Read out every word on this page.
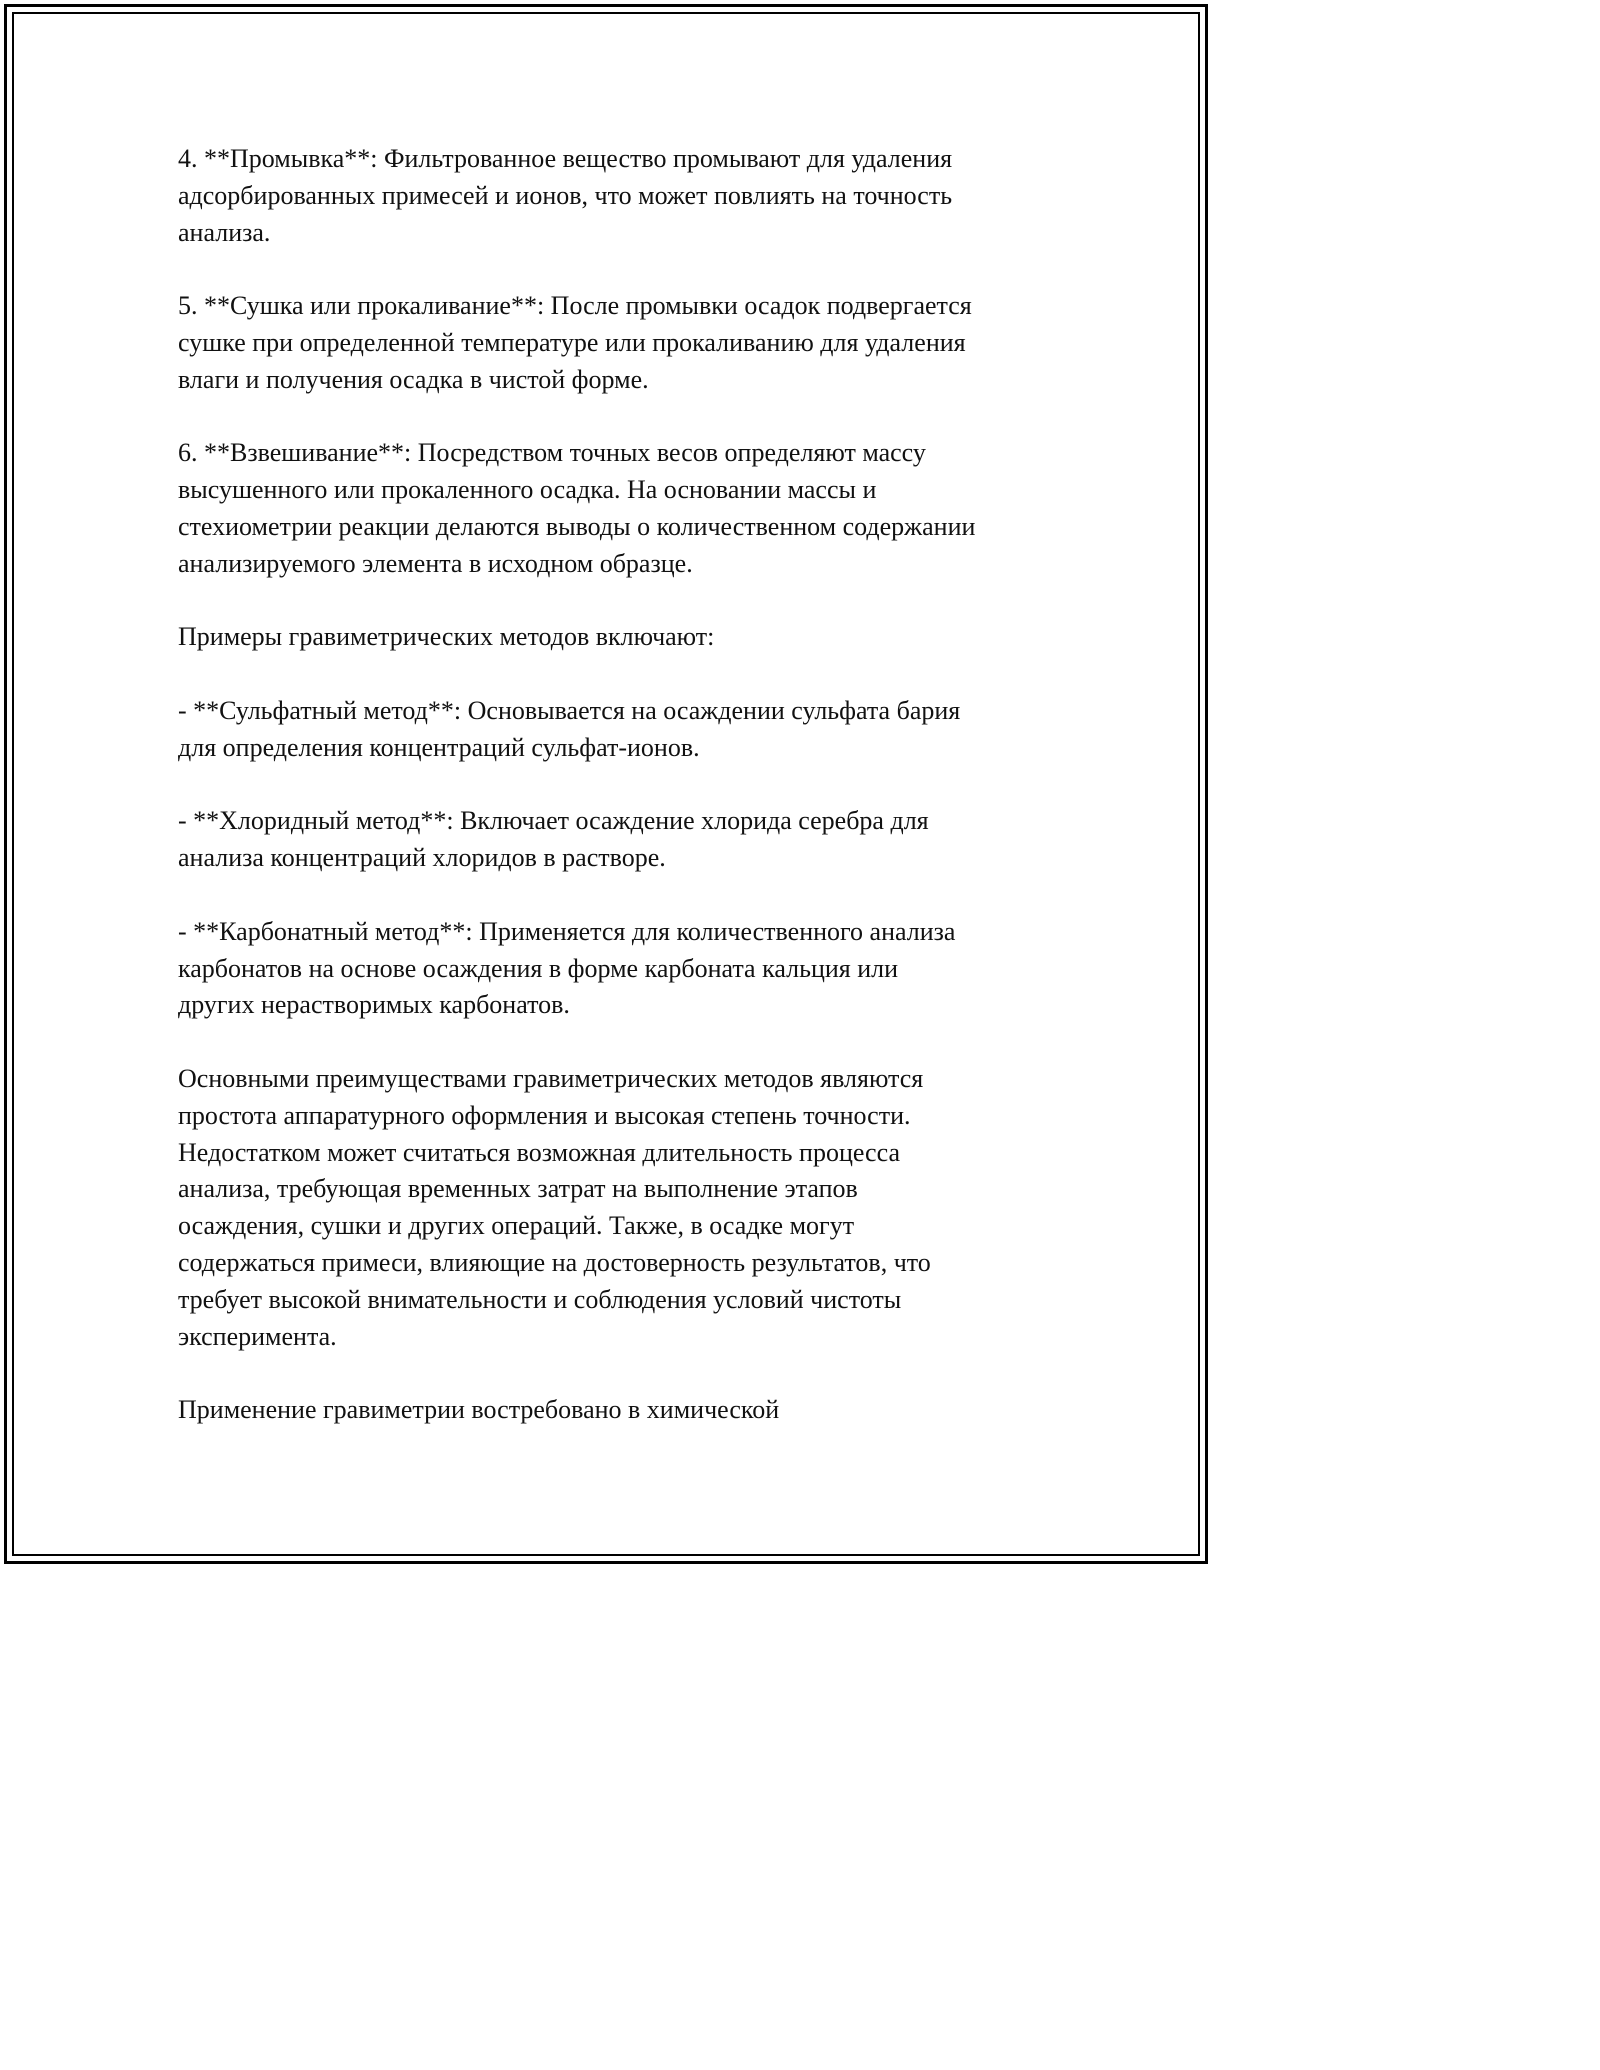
4. **Промывка**: Фильтрованное вещество промывают для удаления
адсорбированных примесей и ионов, что может повлиять на точность
анализа.

5. **Сушка или прокаливание**: После промывки осадок подвергается
сушке при определенной температуре или прокаливанию для удаления
влаги и получения осадка в чистой форме.

6. **Взвешивание**: Посредством точных весов определяют массу
высушенного или прокаленного осадка. На основании массы и
стехиометрии реакции делаются выводы о количественном содержании
анализируемого элемента в исходном образце.

Примеры гравиметрических методов включают:

- **Сульфатный метод**: Основывается на осаждении сульфата бария
для определения концентраций сульфат-ионов.

- **Хлоридный метод**: Включает осаждение хлорида серебра для
анализа концентраций хлоридов в растворе.

- **Карбонатный метод**: Применяется для количественного анализа
карбонатов на основе осаждения в форме карбоната кальция или
других нерастворимых карбонатов.

Основными преимуществами гравиметрических методов являются
простота аппаратурного оформления и высокая степень точности.
Недостатком может считаться возможная длительность процесса
анализа, требующая временных затрат на выполнение этапов
осаждения, сушки и других операций. Также, в осадке могут
содержаться примеси, влияющие на достоверность результатов, что
требует высокой внимательности и соблюдения условий чистоты
эксперимента.

Применение гравиметрии востребовано в химической
